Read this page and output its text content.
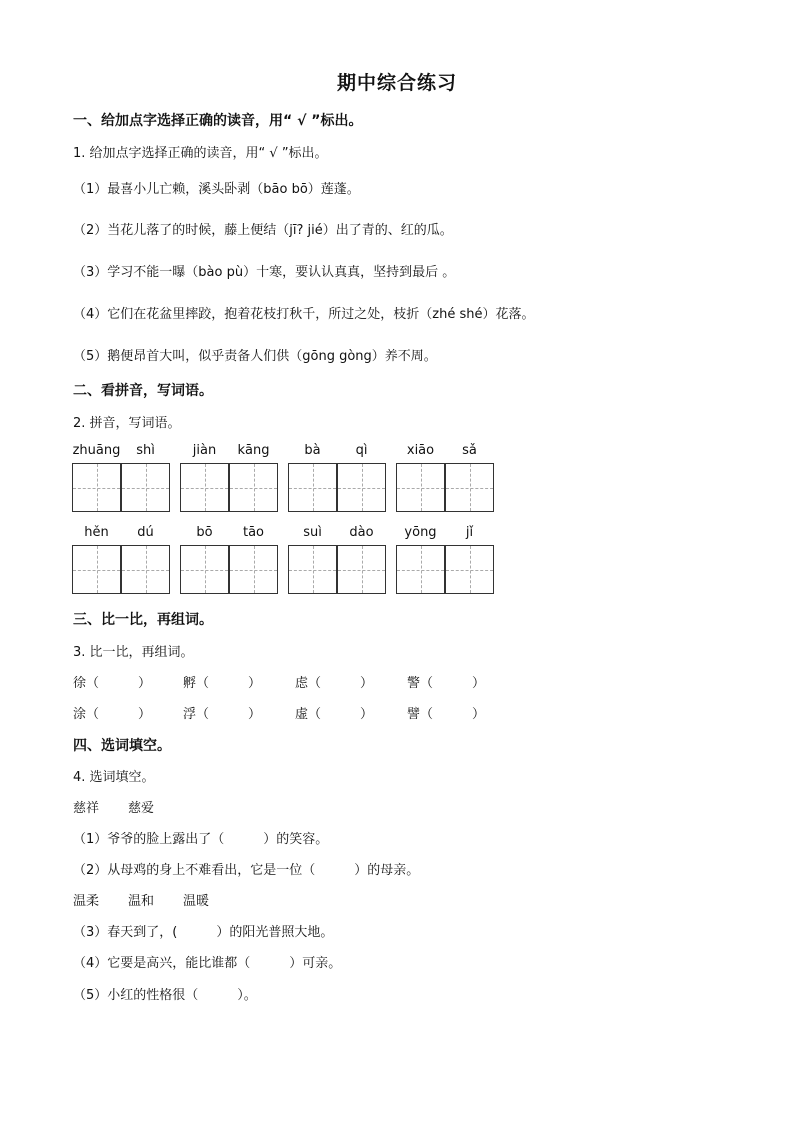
期中综合练习
一、给加点字选择正确的读音，用“ √ ”标出。
1. 给加点字选择正确的读音，用“ √ ”标出。
（1）最喜小儿亡赖，溪头卧剥（bāo bō）莲蓬。
（2）当花儿落了的时候，藤上便结（jī? jié）出了青的、红的瓜。
（3）学习不能一曝（bào pù）十寒，要认认真真，坚持到最后 。
（4）它们在花盆里摔跤，抱着花枝打秋千，所过之处，枝折（zhé shé）花落。
（5）鹅便昂首大叫，似乎责备人们供（gōng gòng）养不周。
二、看拼音，写词语。
2. 拼音，写词语。
zhuāng	shì	jiàn	kāng	bà	qì	xiāo	sǎ
hěn	dú	bō	tāo	suì	dào	yōng	jǐ
三、比一比，再组词。
3. 比一比，再组词。
徐（　　　） 孵（　　　）	虑（　　　）	警（　　　）
涂（　　　） 浮（　　　）	虚（　　　）	譬（　　　）
四、选词填空。
4. 选词填空。
慈祥 慈爱
（1）爷爷的脸上露出了（　　　）的笑容。
（2）从母鸡的身上不难看出，它是一位（　　　）的母亲。
温柔 温和 温暖
（3）春天到了，(　　　）的阳光普照大地。
（4）它要是高兴，能比谁都（　　　）可亲。
（5）小红的性格很（　　　）。
